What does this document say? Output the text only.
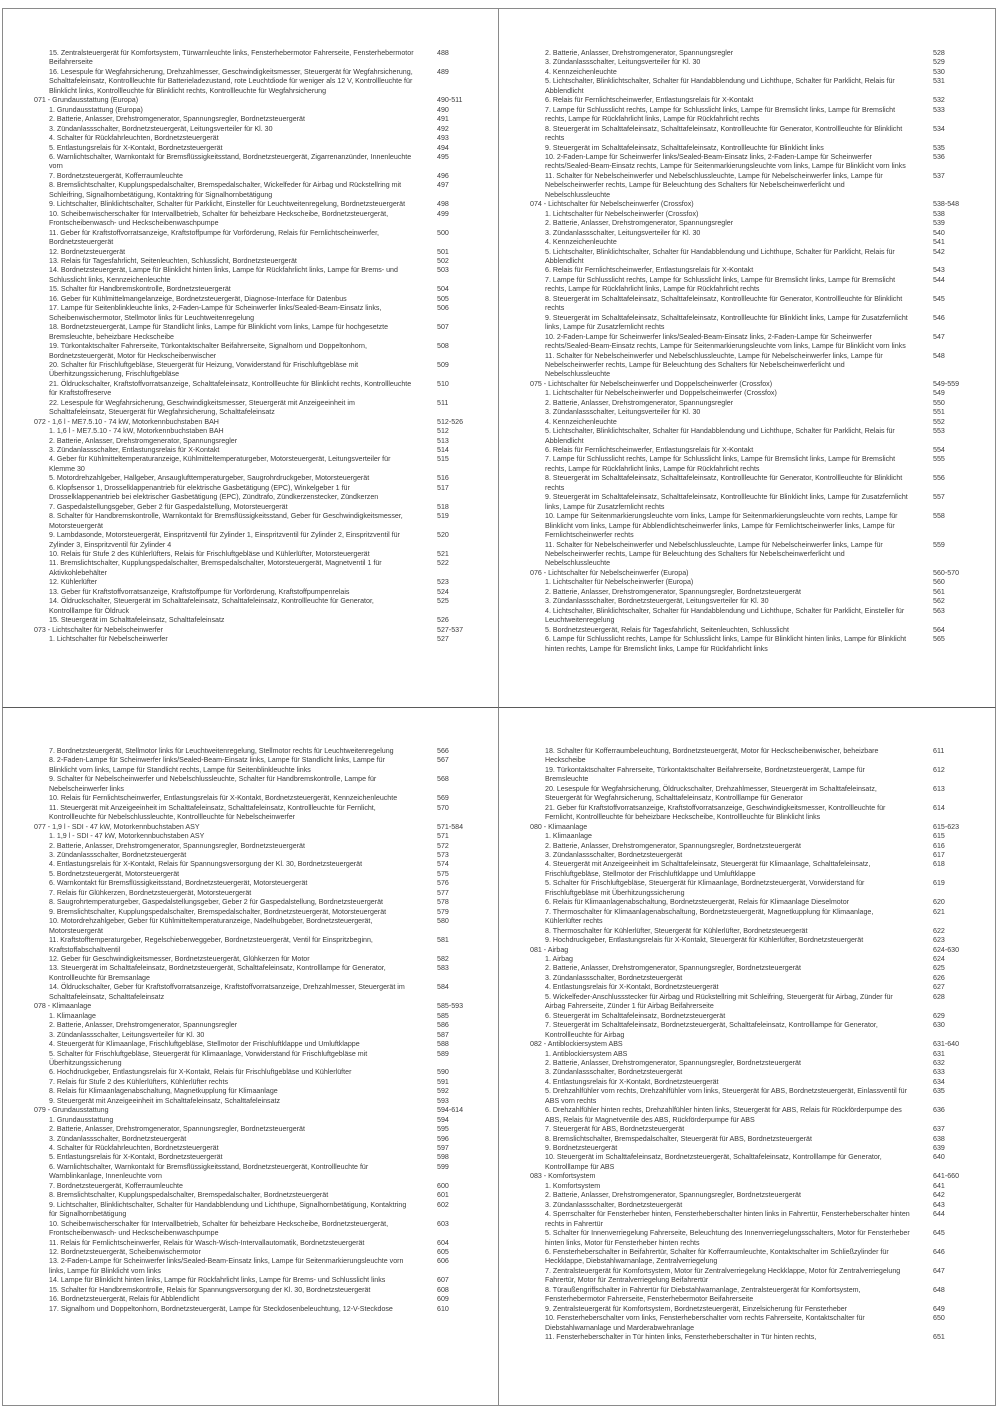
15. Zentralsteuergerät für Komfortsystem, Türwarnleuchte links, Fensterhebermotor Fahrerseite, Fensterhebermotor Beifahrerseite
488
16. Lesespule für Wegfahrsicherung, Drehzahlmesser, Geschwindigkeitsmesser, Steuergerät für Wegfahrsicherung, Schalttafeleinsatz, Kontrollleuchte für Batterieladezustand, rote Leuchtdiode für weniger als 12 V, Kontrollleuchte für Blinklicht links, Kontrollleuchte für Blinklicht rechts, Kontrollleuchte für Wegfahrsicherung
489
071 - Grundausstattung (Europa)	490-511
1. Grundausstattung (Europa)	490
2. Batterie, Anlasser, Drehstromgenerator, Spannungsregler, Bordnetzsteuergerät	491
3. Zündanlassschalter, Bordnetzsteuergerät, Leitungsverteiler für Kl. 30	492
4. Schalter für Rückfahrleuchten, Bordnetzsteuergerät	493
5. Entlastungsrelais für X-Kontakt, Bordnetzsteuergerät	494
6. Warnlichtschalter, Warnkontakt für Bremsflüssigkeitsstand, Bordnetzsteuergerät, Zigarrenanzünder, Innenleuchte vorn
495
7. Bordnetzsteuergerät, Kofferraumleuchte	496
8. Bremslichtschalter, Kupplungspedalschalter, Bremspedalschalter, Wickelfeder für Airbag und Rückstellring mit Schleifring, Signalhornbetätigung, Kontaktring für Signalhornbetätigung
497
9. Lichtschalter, Blinklichtschalter, Schalter für Parklicht, Einsteller für Leuchtweitenregelung, Bordnetzsteuergerät	498
10. Scheibenwischerschalter für Intervallbetrieb, Schalter für beheizbare Heckscheibe, Bordnetzsteuergerät, Frontscheibenwasch- und Heckscheibenwaschpumpe
499
11. Geber für Kraftstoffvorratsanzeige, Kraftstoffpumpe für Vorförderung, Relais für Fernlichtscheinwerfer, Bordnetzsteuergerät
500
12. Bordnetzsteuergerät	501
13. Relais für Tagesfahrlicht, Seitenleuchten, Schlusslicht, Bordnetzsteuergerät	502
14. Bordnetzsteuergerät, Lampe für Blinklicht hinten links, Lampe für Rückfahrlicht links, Lampe für Brems- und Schlusslicht links, Kennzeichenleuchte
503
15. Schalter für Handbremskontrolle, Bordnetzsteuergerät	504
16. Geber für Kühlmittelmangelanzeige, Bordnetzsteuergerät, Diagnose-Interface für Datenbus	505
17. Lampe für Seitenblinkleuchte links, 2-Faden-Lampe für Scheinwerfer links/Sealed-Beam-Einsatz links, Scheibenwischermotor, Stellmotor links für Leuchtweitenregelung
506
18. Bordnetzsteuergerät, Lampe für Standlicht links, Lampe für Blinklicht vorn links, Lampe für hochgesetzte Bremsleuchte, beheizbare Heckscheibe
507
19. Türkontaktschalter Fahrerseite, Türkontaktschalter Beifahrerseite, Signalhorn und Doppeltonhorn, Bordnetzsteuergerät, Motor für Heckscheibenwischer
508
20. Schalter für Frischluftgebläse, Steuergerät für Heizung, Vorwiderstand für Frischluftgebläse mit Überhitzungssicherung, Frischluftgebläse
509
21. Öldruckschalter, Kraftstoffvorratsanzeige, Schalttafeleinsatz, Kontrollleuchte für Blinklicht rechts, Kontrollleuchte für Kraftstoffreserve
510
22. Lesespule für Wegfahrsicherung, Geschwindigkeitsmesser, Steuergerät mit Anzeigeeinheit im Schalttafeleinsatz, Steuergerät für Wegfahrsicherung, Schalttafeleinsatz
511
072 - 1,6 l - ME7.5.10 - 74 kW, Motorkennbuchstaben BAH	512-526
1. 1,6 l - ME7.5.10 - 74 kW, Motorkennbuchstaben BAH	512
2. Batterie, Anlasser, Drehstromgenerator, Spannungsregler	513
3. Zündanlassschalter, Entlastungsrelais für X-Kontakt	514
4. Geber für Kühlmitteltemperaturanzeige, Kühlmitteltemperaturgeber, Motorsteuergerät, Leitungsverteiler für Klemme 30
515
5. Motordrehzahlgeber, Hallgeber, Ansauglufttemperaturgeber, Saugrohrdruckgeber, Motorsteuergerät	516
6. Klopfsensor 1, Drosselklappenantrieb für elektrische Gasbetätigung (EPC), Winkelgeber 1 für Drosselklappenantrieb bei elektrischer Gasbetätigung (EPC), Zündtrafo, Zündkerzenstecker, Zündkerzen
517
7. Gaspedalstellungsgeber, Geber 2 für Gaspedalstellung, Motorsteuergerät	518
8. Schalter für Handbremskontrolle, Warnkontakt für Bremsflüssigkeitsstand, Geber für Geschwindigkeitsmesser, Motorsteuergerät
519
9. Lambdasonde, Motorsteuergerät, Einspritzventil für Zylinder 1, Einspritzventil für Zylinder 2, Einspritzventil für Zylinder 3, Einspritzventil für Zylinder 4
520
10. Relais für Stufe 2 des Kühlerlüfters, Relais für Frischluftgebläse und Kühlerlüfter, Motorsteuergerät	521
11. Bremslichtschalter, Kupplungspedalschalter, Bremspedalschalter, Motorsteuergerät, Magnetventil 1 für Aktivkohlebehälter
522
12. Kühlerlüfter	523
13. Geber für Kraftstoffvorratsanzeige, Kraftstoffpumpe für Vorförderung, Kraftstoffpumpenrelais	524
14. Öldruckschalter, Steuergerät im Schalttafeleinsatz, Schalttafeleinsatz, Kontrollleuchte für Generator, Kontrolllampe für Öldruck
525
15. Steuergerät im Schalttafeleinsatz, Schalttafeleinsatz	526
073 - Lichtschalter für Nebelscheinwerfer	527-537
1. Lichtschalter für Nebelscheinwerfer	527
2. Batterie, Anlasser, Drehstromgenerator, Spannungsregler	528
3. Zündanlassschalter, Leitungsverteiler für Kl. 30	529
4. Kennzeichenleuchte	530
5. Lichtschalter, Blinklichtschalter, Schalter für Handabblendung und Lichthupe, Schalter für Parklicht, Relais für Abblendlicht
531
6. Relais für Fernlichtscheinwerfer, Entlastungsrelais für X-Kontakt	532
7. Lampe für Schlusslicht rechts, Lampe für Schlusslicht links, Lampe für Bremslicht links, Lampe für Bremslicht rechts, Lampe für Rückfahrlicht links, Lampe für Rückfahrlicht rechts
533
8. Steuergerät im Schalttafeleinsatz, Schalttafeleinsatz, Kontrollleuchte für Generator, Kontrollleuchte für Blinklicht rechts
534
9. Steuergerät im Schalttafeleinsatz, Schalttafeleinsatz, Kontrollleuchte für Blinklicht links	535
10. 2-Faden-Lampe für Scheinwerfer links/Sealed-Beam-Einsatz links, 2-Faden-Lampe für Scheinwerfer rechts/Sealed-Beam-Einsatz rechts, Lampe für Seitenmarkierungsleuchte vorn links, Lampe für Blinklicht vorn links
536
11. Schalter für Nebelscheinwerfer und Nebelschlussleuchte, Lampe für Nebelscheinwerfer links, Lampe für Nebelscheinwerfer rechts, Lampe für Beleuchtung des Schalters für Nebelscheinwerferlicht und Nebelschlussleuchte
537
074 - Lichtschalter für Nebelscheinwerfer (Crossfox)	538-548
1. Lichtschalter für Nebelscheinwerfer (Crossfox)	538
2. Batterie, Anlasser, Drehstromgenerator, Spannungsregler	539
3. Zündanlassschalter, Leitungsverteiler für Kl. 30	540
4. Kennzeichenleuchte	541
5. Lichtschalter, Blinklichtschalter, Schalter für Handabblendung und Lichthupe, Schalter für Parklicht, Relais für Abblendlicht
542
6. Relais für Fernlichtscheinwerfer, Entlastungsrelais für X-Kontakt	543
7. Lampe für Schlusslicht rechts, Lampe für Schlusslicht links, Lampe für Bremslicht links, Lampe für Bremslicht rechts, Lampe für Rückfahrlicht links, Lampe für Rückfahrlicht rechts
544
8. Steuergerät im Schalttafeleinsatz, Schalttafeleinsatz, Kontrollleuchte für Generator, Kontrollleuchte für Blinklicht rechts
545
9. Steuergerät im Schalttafeleinsatz, Schalttafeleinsatz, Kontrollleuchte für Blinklicht links, Lampe für Zusatzfernlicht links, Lampe für Zusatzfernlicht rechts
546
10. 2-Faden-Lampe für Scheinwerfer links/Sealed-Beam-Einsatz links, 2-Faden-Lampe für Scheinwerfer rechts/Sealed-Beam-Einsatz rechts, Lampe für Seitenmarkierungsleuchte vorn links, Lampe für Blinklicht vorn links
547
11. Schalter für Nebelscheinwerfer und Nebelschlussleuchte, Lampe für Nebelscheinwerfer links, Lampe für Nebelscheinwerfer rechts, Lampe für Beleuchtung des Schalters für Nebelscheinwerferlicht und Nebelschlussleuchte
548
075 - Lichtschalter für Nebelscheinwerfer und Doppelscheinwerfer (Crossfox)	549-559
1. Lichtschalter für Nebelscheinwerfer und Doppelscheinwerfer (Crossfox)	549
2. Batterie, Anlasser, Drehstromgenerator, Spannungsregler	550
3. Zündanlassschalter, Leitungsverteiler für Kl. 30	551
4. Kennzeichenleuchte	552
5. Lichtschalter, Blinklichtschalter, Schalter für Handabblendung und Lichthupe, Schalter für Parklicht, Relais für Abblendlicht
553
6. Relais für Fernlichtscheinwerfer, Entlastungsrelais für X-Kontakt	554
7. Lampe für Schlusslicht rechts, Lampe für Schlusslicht links, Lampe für Bremslicht links, Lampe für Bremslicht rechts, Lampe für Rückfahrlicht links, Lampe für Rückfahrlicht rechts
555
8. Steuergerät im Schalttafeleinsatz, Schalttafeleinsatz, Kontrollleuchte für Generator, Kontrollleuchte für Blinklicht rechts
556
9. Steuergerät im Schalttafeleinsatz, Schalttafeleinsatz, Kontrollleuchte für Blinklicht links, Lampe für Zusatzfernlicht links, Lampe für Zusatzfernlicht rechts
557
10. Lampe für Seitenmarkierungsleuchte vorn links, Lampe für Seitenmarkierungsleuchte vorn rechts, Lampe für Blinklicht vorn links, Lampe für Abblendlichtscheinwerfer links, Lampe für Fernlichtscheinwerfer links, Lampe für Fernlichtscheinwerfer rechts
558
11. Schalter für Nebelscheinwerfer und Nebelschlussleuchte, Lampe für Nebelscheinwerfer links, Lampe für Nebelscheinwerfer rechts, Lampe für Beleuchtung des Schalters für Nebelscheinwerferlicht und Nebelschlussleuchte
559
076 - Lichtschalter für Nebelscheinwerfer (Europa)	560-570
1. Lichtschalter für Nebelscheinwerfer (Europa)	560
2. Batterie, Anlasser, Drehstromgenerator, Spannungsregler, Bordnetzsteuergerät	561
3. Zündanlassschalter, Bordnetzsteuergerät, Leitungsverteiler für Kl. 30	562
4. Lichtschalter, Blinklichtschalter, Schalter für Handabblendung und Lichthupe, Schalter für Parklicht, Einsteller für Leuchtweitenregelung
563
5. Bordnetzsteuergerät, Relais für Tagesfahrlicht, Seitenleuchten, Schlusslicht	564
6. Lampe für Schlusslicht rechts, Lampe für Schlusslicht links, Lampe für Blinklicht hinten links, Lampe für Blinklicht hinten rechts, Lampe für Bremslicht links, Lampe für Rückfahrlicht links
565
7. Bordnetzsteuergerät, Stellmotor links für Leuchtweitenregelung, Stellmotor rechts für Leuchtweitenregelung	566
8. 2-Faden-Lampe für Scheinwerfer links/Sealed-Beam-Einsatz links, Lampe für Standlicht links, Lampe für Blinklicht vorn links, Lampe für Standlicht rechts, Lampe für Seitenblinkleuchte links
567
9. Schalter für Nebelscheinwerfer und Nebelschlussleuchte, Schalter für Handbremskontrolle, Lampe für Nebelscheinwerfer links
568
10. Relais für Fernlichtscheinwerfer, Entlastungsrelais für X-Kontakt, Bordnetzsteuergerät, Kennzeichenleuchte	569
11. Steuergerät mit Anzeigeeinheit im Schalttafeleinsatz, Schalttafeleinsatz, Kontrollleuchte für Fernlicht, Kontrollleuchte für Nebelschlussleuchte, Kontrollleuchte für Nebelscheinwerfer
570
077 - 1,9 l - SDI - 47 kW, Motorkennbuchstaben ASY	571-584
1. 1,9 l - SDI - 47 kW, Motorkennbuchstaben ASY	571
2. Batterie, Anlasser, Drehstromgenerator, Spannungsregler, Bordnetzsteuergerät	572
3. Zündanlassschalter, Bordnetzsteuergerät	573
4. Entlastungsrelais für X-Kontakt, Relais für Spannungsversorgung der Kl. 30, Bordnetzsteuergerät	574
5. Bordnetzsteuergerät, Motorsteuergerät	575
6. Warnkontakt für Bremsflüssigkeitsstand, Bordnetzsteuergerät, Motorsteuergerät	576
7. Relais für Glühkerzen, Bordnetzsteuergerät, Motorsteuergerät	577
8. Saugrohrtemperaturgeber, Gaspedalstellungsgeber, Geber 2 für Gaspedalstellung, Bordnetzsteuergerät	578
9. Bremslichtschalter, Kupplungspedalschalter, Bremspedalschalter, Bordnetzsteuergerät, Motorsteuergerät	579
10. Motordrehzahlgeber, Geber für Kühlmitteltemperaturanzeige, Nadelhubgeber, Bordnetzsteuergerät, Motorsteuergerät
580
11. Kraftstofftemperaturgeber, Regelschieberweggeber, Bordnetzsteuergerät, Ventil für Einspritzbeginn, Kraftstoffabschaltventil
581
12. Geber für Geschwindigkeitsmesser, Bordnetzsteuergerät, Glühkerzen für Motor	582
13. Steuergerät im Schalttafeleinsatz, Bordnetzsteuergerät, Schalttafeleinsatz, Kontrolllampe für Generator, Kontrollleuchte für Bremsanlage
583
14. Öldruckschalter, Geber für Kraftstoffvorratsanzeige, Kraftstoffvorratsanzeige, Drehzahlmesser, Steuergerät im Schalttafeleinsatz, Schalttafeleinsatz
584
078 - Klimaanlage	585-593
1. Klimaanlage	585
2. Batterie, Anlasser, Drehstromgenerator, Spannungsregler	586
3. Zündanlassschalter, Leitungsverteiler für Kl. 30	587
4. Steuergerät für Klimaanlage, Frischluftgebläse, Stellmotor der Frischluftklappe und Umluftklappe	588
5. Schalter für Frischluftgebläse, Steuergerät für Klimaanlage, Vorwiderstand für Frischluftgebläse mit Überhitzungssicherung
589
6. Hochdruckgeber, Entlastungsrelais für X-Kontakt, Relais für Frischluftgebläse und Kühlerlüfter	590
7. Relais für Stufe 2 des Kühlerlüfters, Kühlerlüfter rechts	591
8. Relais für Klimaanlagenabschaltung, Magnetkupplung für Klimaanlage	592
9. Steuergerät mit Anzeigeeinheit im Schalttafeleinsatz, Schalttafeleinsatz	593
079 - Grundausstattung	594-614
1. Grundausstattung	594
2. Batterie, Anlasser, Drehstromgenerator, Spannungsregler, Bordnetzsteuergerät	595
3. Zündanlassschalter, Bordnetzsteuergerät	596
4. Schalter für Rückfahrleuchten, Bordnetzsteuergerät	597
5. Entlastungsrelais für X-Kontakt, Bordnetzsteuergerät	598
6. Warnlichtschalter, Warnkontakt für Bremsflüssigkeitsstand, Bordnetzsteuergerät, Kontrollleuchte für Warnblinkanlage, Innenleuchte vorn
599
7. Bordnetzsteuergerät, Kofferraumleuchte	600
8. Bremslichtschalter, Kupplungspedalschalter, Bremspedalschalter, Bordnetzsteuergerät	601
9. Lichtschalter, Blinklichtschalter, Schalter für Handabblendung und Lichthupe, Signalhornbetätigung, Kontaktring für Signalhornbetätigung
602
10. Scheibenwischerschalter für Intervallbetrieb, Schalter für beheizbare Heckscheibe, Bordnetzsteuergerät, Frontscheibenwasch- und Heckscheibenwaschpumpe
603
11. Relais für Fernlichtscheinwerfer, Relais für Wasch-Wisch-Intervallautomatik, Bordnetzsteuergerät	604
12. Bordnetzsteuergerät, Scheibenwischermotor	605
13. 2-Faden-Lampe für Scheinwerfer links/Sealed-Beam-Einsatz links, Lampe für Seitenmarkierungsleuchte vorn links, Lampe für Blinklicht vorn links
606
14. Lampe für Blinklicht hinten links, Lampe für Rückfahrlicht links, Lampe für Brems- und Schlusslicht links	607
15. Schalter für Handbremskontrolle, Relais für Spannungsversorgung der Kl. 30, Bordnetzsteuergerät	608
16. Bordnetzsteuergerät, Relais für Abblendlicht	609
17. Signalhorn und Doppeltonhorn, Bordnetzsteuergerät, Lampe für Steckdosenbeleuchtung, 12-V-Steckdose	610
18. Schalter für Kofferraumbeleuchtung, Bordnetzsteuergerät, Motor für Heckscheibenwischer, beheizbare Heckscheibe
611
19. Türkontaktschalter Fahrerseite, Türkontaktschalter Beifahrerseite, Bordnetzsteuergerät, Lampe für Bremsleuchte
612
20. Lesespule für Wegfahrsicherung, Öldruckschalter, Drehzahlmesser, Steuergerät im Schalttafeleinsatz, Steuergerät für Wegfahrsicherung, Schalttafeleinsatz, Kontrolllampe für Generator
613
21. Geber für Kraftstoffvorratsanzeige, Kraftstoffvorratsanzeige, Geschwindigkeitsmesser, Kontrollleuchte für Fernlicht, Kontrollleuchte für beheizbare Heckscheibe, Kontrollleuchte für Blinklicht links
614
080 - Klimaanlage	615-623
1. Klimaanlage	615
2. Batterie, Anlasser, Drehstromgenerator, Spannungsregler, Bordnetzsteuergerät	616
3. Zündanlassschalter, Bordnetzsteuergerät	617
4. Steuergerät mit Anzeigeeinheit im Schalttafeleinsatz, Steuergerät für Klimaanlage, Schalttafeleinsatz, Frischluftgebläse, Stellmotor der Frischluftklappe und Umluftklappe
618
5. Schalter für Frischluftgebläse, Steuergerät für Klimaanlage, Bordnetzsteuergerät, Vorwiderstand für Frischluftgebläse mit Überhitzungssicherung
619
6. Relais für Klimaanlagenabschaltung, Bordnetzsteuergerät, Relais für Klimaanlage Dieselmotor	620
7. Thermoschalter für Klimaanlagenabschaltung, Bordnetzsteuergerät, Magnetkupplung für Klimaanlage, Kühlerlüfter rechts
621
8. Thermoschalter für Kühlerlüfter, Steuergerät für Kühlerlüfter, Bordnetzsteuergerät	622
9. Hochdruckgeber, Entlastungsrelais für X-Kontakt, Steuergerät für Kühlerlüfter, Bordnetzsteuergerät	623
081 - Airbag	624-630
1. Airbag	624
2. Batterie, Anlasser, Drehstromgenerator, Spannungsregler, Bordnetzsteuergerät	625
3. Zündanlassschalter, Bordnetzsteuergerät	626
4. Entlastungsrelais für X-Kontakt, Bordnetzsteuergerät	627
5. Wickelfeder-Anschlussstecker für Airbag und Rückstellring mit Schleifring, Steuergerät für Airbag, Zünder für Airbag Fahrerseite, Zünder 1 für Airbag Beifahrerseite
628
6. Steuergerät im Schalttafeleinsatz, Bordnetzsteuergerät	629
7. Steuergerät im Schalttafeleinsatz, Bordnetzsteuergerät, Schalttafeleinsatz, Kontrolllampe für Generator, Kontrollleuchte für Airbag
630
082 - Antiblockiersystem ABS	631-640
1. Antiblockiersystem ABS	631
2. Batterie, Anlasser, Drehstromgenerator, Spannungsregler, Bordnetzsteuergerät	632
3. Zündanlassschalter, Bordnetzsteuergerät	633
4. Entlastungsrelais für X-Kontakt, Bordnetzsteuergerät	634
5. Drehzahlfühler vorn rechts, Drehzahlfühler vorn links, Steuergerät für ABS, Bordnetzsteuergerät, Einlassventil für ABS vorn rechts
635
6. Drehzahlfühler hinten rechts, Drehzahlfühler hinten links, Steuergerät für ABS, Relais für Rückförderpumpe des ABS, Relais für Magnetventile des ABS, Rückförderpumpe für ABS
636
7. Steuergerät für ABS, Bordnetzsteuergerät	637
8. Bremslichtschalter, Bremspedalschalter, Steuergerät für ABS, Bordnetzsteuergerät	638
9. Bordnetzsteuergerät	639
10. Steuergerät im Schalttafeleinsatz, Bordnetzsteuergerät, Schalttafeleinsatz, Kontrolllampe für Generator, Kontrolllampe für ABS
640
083 - Komfortsystem	641-660
1. Komfortsystem	641
2. Batterie, Anlasser, Drehstromgenerator, Spannungsregler, Bordnetzsteuergerät	642
3. Zündanlassschalter, Bordnetzsteuergerät	643
4. Sperrschalter für Fensterheber hinten, Fensterheberschalter hinten links in Fahrertür, Fensterheberschalter hinten rechts in Fahrertür
644
5. Schalter für Innenverriegelung Fahrerseite, Beleuchtung des Innenverriegelungsschalters, Motor für Fensterheber hinten links, Motor für Fensterheber hinten rechts
645
6. Fensterheberschalter in Beifahrertür, Schalter für Kofferraumleuchte, Kontaktschalter im Schließzylinder für Heckklappe, Diebstahlwarnanlage, Zentralverriegelung
646
7. Zentralsteuergerät für Komfortsystem, Motor für Zentralverriegelung Heckklappe, Motor für Zentralverriegelung Fahrertür, Motor für Zentralverriegelung Beifahrertür
647
8. Türaußengriffschalter in Fahrertür für Diebstahlwarnanlage, Zentralsteuergerät für Komfortsystem, Fensterhebermotor Fahrerseite, Fensterhebermotor Beifahrerseite
648
9. Zentralsteuergerät für Komfortsystem, Bordnetzsteuergerät, Einzelsicherung für Fensterheber	649
10. Fensterheberschalter vorn links, Fensterheberschalter vorn rechts Fahrerseite, Kontaktschalter für Diebstahlwarnanlage und Marderabwehranlage
650
11. Fensterheberschalter in Tür hinten links, Fensterheberschalter in Tür hinten rechts,	651
